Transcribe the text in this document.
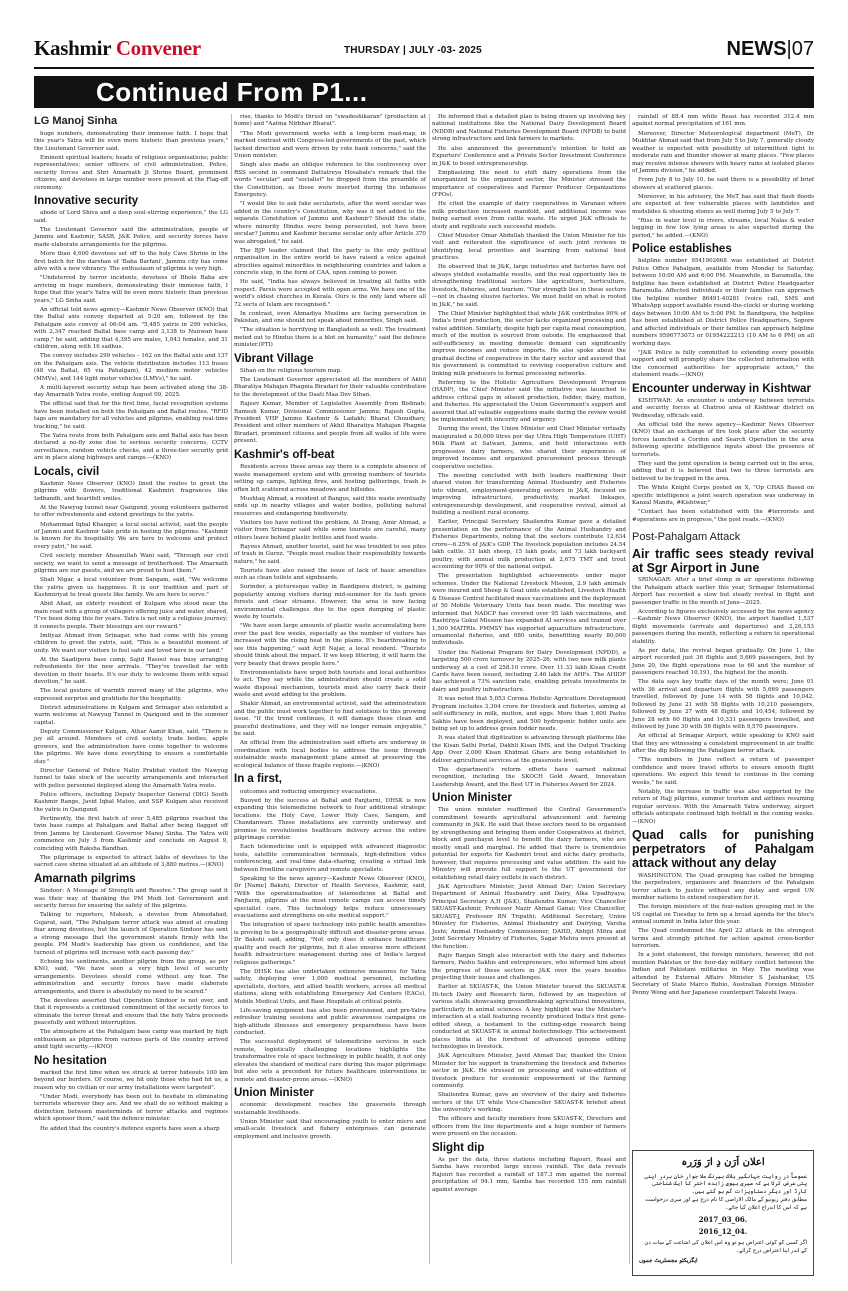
Kashmir Convener	THURSDAY | JULY -03- 2025	NEWS|07
Continued From P1...
LG Manoj Sinha

huge numbers, demonstrating their immense faith. I hope that this year's Yatra will be even more historic than previous years," the Lieutenant Governor said.

Eminent spiritual leaders; heads of religious organisations; public representatives; senior officers of civil administration, Police, security forces and Shri Amarnath Ji Shrine Board, prominent citizens, and devotees in large number were present at the Flag-off ceremony.

Innovative security

abode of Lord Shiva and a deep soul-stirring experience," the LG said.

The Lieutenant Governor said the administration, people of Jammu and Kashmir, SASB, J&K Police, and security forces have made elaborate arrangements for the pilgrims.

More than 4,600 devotees set off to the holy Cave Shrine in the first batch for the darshan of 'Baba Barfani', Jammu city has come alive with a new vibrancy. The enthusiasm of pilgrims is very high.

"Undeterred by terror incidents, devotees of Bhole Baba are arriving in huge numbers, demonstrating their immense faith, I hope that this year's Yatra will be even more historic than previous years," LG Sinha said.

An official told news agency—Kashmir News Observer (KNO) that the Baltal axis convoy departed at 5:20 am, followed by the Pahalgam axis convoy at 06:04 am. "5,485 yatris in 299 vehicles, with 2,347 reached Baltal base camp and 3,138 to Nunwan base camp," he said, adding that 4,395 are males, 1,043 females, and 31 children, along with 16 sadhus.

The convoy includes 299 vehicles – 162 on the Baltal axis and 137 on the Pahalgam axis. The vehicle distribution includes 113 buses (48 via Baltal, 65 via Pahalgam), 42 medium motor vehicles (MMVs), and 144 light motor vehicles (LMVs)," he said.

A multi-layered security setup has been activated along the 38-day Amarnath Yatra route, ending August 09, 2025.

The official said that for the first time, facial recognition systems have been installed on both the Pahalgam and Baltal routes. "RFID tags are mandatory for all vehicles and pilgrims, enabling real-time tracking," he said.

The Yatra route from both Pahalgam axis and Baltal axis has been declared a no-fly zone due to serious security concerns, CCTV surveillance, random vehicle checks, and a three-tier security grid are in place along highways and camps.—(KNO)

Locals, civil

Kashmir News Observer (KNO) lined the routes to greet the pilgrims with flowers, traditional Kashmiri fragrances like Izdbandh, and heartfelt smiles.

At the Nawyug tunnel near Qazigund, young volunteers gathered to offer refreshments and extend greetings to the yatris.

Mohammad Iqbal Khanger, a local social activist, said the people of Jammu and Kashmir take pride in hosting the pilgrims. "Kashmir is known for its hospitality. We are here to welcome and protect every yatri," he said.

Civil society member Ahsanullah Wani said, "Through our civil society, we want to send a message of brotherhood. The Amarnath pilgrims are our guests, and we are proud to host them."

Shah Nigar, a local volunteer from Sangam, said, "We welcome the yatris given us happiness. It is our tradition and part of Kashmiriyat to treat guests like family. We are here to serve."

Abid Ahad, an elderly resident of Kulgam who stood near the main road with a group of villagers offering juice and water, shared, "I've been doing this for years. Yatra is not only a religious journey; it connects people. Their blessings are our reward."

Imtiyaz Ahmad from Srinagar, who had come with his young children to greet the yatris, said, "This is a beautiful moment of unity. We want our visitors to feel safe and loved here in our land."

At the Saadipora base camp, Sajid Rasool was busy arranging refreshments for the new arrivals. "They've travelled far with devotion in their hearts. It's our duty to welcome them with equal devotion," he said.

The local gesture of warmth moved many of the pilgrims, who expressed surprise and gratitude for the hospitality.

District administrations in Kulgam and Srinagar also extended a warm welcome at Nawyug Tunnel in Qazigund and in the summer capital.

Deputy Commissioner Kulgam, Athar Aamir Khan, said, "There is joy all around. Members of civil society, trade bodies, apple growers, and the administration have come together to welcome the pilgrims. We have done everything to ensure a comfortable stay."

Director General of Police Nalin Prabhat visited the Nawyug tunnel to take stock of the security arrangements and interacted with police personnel deployed along the Amarnath Yatra route.

Police officers, including Deputy Inspector General (DIG) South Kashmir Range, Javid Iqbal Matoo, and SSP Kulgam also received the yatris in Qazigund.

Pertinently, the first batch of over 5,485 pilgrims reached the twin base camps at Pahalgam and Baltal after being flagged off from Jammu by Lieutenant Governor Manoj Sinha. The Yatra will commence on July 3 from Kashmir and conclude on August 9, coinciding with Raksha Bandhan.

The pilgrimage is expected to attract lakhs of devotees to the sacred cave shrine situated at an altitude of 3,880 metres.—(KNO)

Amarnath pilgrims

Sindoor: A Message of Strength and Resolve." The group said it was their way of thanking the PM Modi led Government and security forces for ensuring the safety of the pilgrims.

Talking to reporters, Mukesh, a devotee from Ahmedabad, Gujarat, said, "The Pahalgam terror attack was aimed at creating fear among devotees, but the launch of Operation Sindoor has sent a strong message that the government stands firmly with the people. PM Modi's leadership has given us confidence, and the turnout of pilgrims will increase with each passing day."

Echoing his sentiments, another pilgrim from the group, as per KNO, said, "We have seen a very high level of security arrangements. Devotees should come without any fear. The administration and security forces have made elaborate arrangements, and there is absolutely no need to be scared."

The devotees asserted that Operation Sindoor is not over, and that it represents a continued commitment of the security forces to eliminate the terror threat and ensure that the holy Yatra proceeds peacefully and without interruption.

The atmosphere at the Pahalgam base camp was marked by high enthusiasm as pilgrims from various parts of the country arrived amid tight security.—(KNO)

No hesitation

marked the first time when we struck at terror hideouts 100 km beyond our borders. Of course, we hit only those who had hit us, a reason why no civilian or our army installations were targeted".

"Under Modi, everybody has been out to hesitate in eliminating terrorists wherever they are. And we shall do so without making a distinction between masterminds of terror attacks and regimes which sponsor them," said the defence minister.

He added that the country's defence exports have seen a sharp

rise, thanks to Modi's thrust on "swadeshikaran" (production at home) and "Aatma Nirbhar Bharat".

"The Modi government works with a long-term road-map, in marked contrast with Congress-led governments of the past, which lacked direction and were driven by vote bank concerns," said the Union minister.

Singh also made an oblique reference to the controversy over RSS second in command Dattatreya Hosabale's remark that the words "secular" and "socialist" be dropped from the preamble of the Constitution, as those were inserted during the infamous Emergency.

"I would like to ask fake secularists, after the word secular was added in the country's Constitution, why was it not added to the separate Constitution of Jammu and Kashmir? Should the state, where minority Hindus were being persecuted, not have been secular? Jammu and Kashmir became secular only after Article 370 was abrogated," he said.

The BJP leader claimed that the party is the only political organisation in the entire world to have raised a voice against atrocities against minorities in neighbouring countries and taken a concrete step, in the form of CAA, upon coming to power.

He said, "India has always believed in treating all faiths with respect. Parsis were accepted with open arms. We have one of the world's oldest churches in Kerala. Ours is the only land where all 72 sects of Islam are recognised."

In contrast, even Ahmadiya Muslims are facing persecution in Pakistan, and one should not speak about minorities, Singh said.

"The situation is horrifying in Bangladesh as well. The treatment meted out to Hindus there is a blot on humanity," said the defence minister.(PTI)

Vibrant Village

Sihan on the religious tourism map.

The Lieutenant Governor appreciated all the members of Akhil Bharatiya Mahajan Phagnia Biradari for their valuable contribution to the development of the Daati Maa Dev Sthan.

Rajeev Kumar, Member of Legislative Assembly from Bishnah; Ramesh Kumar, Divisional Commissioner Jammu; Rajesh Gupta, President VHP Jammu Kashmir & Ladakh; Bharat Choudhary, President and other members of Akhil Bharatiya Mahajan Phagnia Biradari, prominent citizens and people from all walks of life were present.

Kashmir's off-beat

Residents across these areas say there is a complete absence of waste management system and with growing numbers of tourists setting up camps, lighting fires, and hosting gatherings, trash is often left scattered across meadows and hillsides.

Mushtaq Ahmad, a resident of Bangus, said this waste eventually ends up in nearby villages and water bodies, polluting natural resources and endangering biodiversity.

Visitors too have noticed the problem. At Drang, Amir Ahmad, a visitor from Srinagar said while some tourists are careful, many others leave behind plastic bottles and food waste.

Rayees Ahmad, another tourist, said he was troubled to see piles of trash in Gurez. "People must realise their responsibility towards nature," he said.

Tourists have also raised the issue of lack of basic amenities such as clean toilets and signboards.

Surinder, a picturesque valley in Bandipora district, is gaining popularity among visitors during mid-summer for its lush green forests and clear streams. However, the area is now facing environmental challenges due to the open dumping of plastic waste by tourists.

"We have seen large amounts of plastic waste accumulating here over the past few weeks, especially as the number of visitors has increased with the rising heat in the plains. It's heartbreaking to see this happening," said Arjit Najar, a local resident. "Tourists should think about the impact. If we keep littering, it will harm the very beauty that draws people here."

Environmentalists have urged both tourists and local authorities to act. They say while the administration should create a solid waste disposal mechanism, tourists must also carry back their waste and avoid adding to the problem.

Shakir Ahmad, an environmental activist, said the administration and the public must work together to find solutions to this growing issue. "If the trend continues, it will damage these clean and peaceful destinations, and they will no longer remain enjoyable," he said.

An official from the administration said efforts are underway in coordination with local bodies to address the issue through sustainable waste management plans aimed at preserving the ecological balance of these fragile regions.—(KNO)

In a first,

outcomes and reducing emergency evacuations.

Buoyed by the success at Baltal and Panjtarni, DHSK is now expanding this telemedicine network to four additional strategic locations: the Holy Cave, Lower Holy Cave, Sangam, and Chandanwari. These installations are currently underway and promise to revolutionise healthcare delivery across the entire pilgrimage corridor.

Each telemedicine unit is equipped with advanced diagnostic tools, satellite communication terminals, high-definition video conferencing, and real-time data-sharing, creating a virtual link between frontline caregivers and remote specialists.

Speaking to the news agency—Kashmir News Observer (KNO), Dr [Name] Bakshi, Director of Health Services, Kashmir, said, "With the operationalisation of telemedicine at Baltal and Panjtarni, pilgrims at the most remote camps can access timely specialist care, This technology helps reduce unnecessary evacuations and strengthens on-site medical support."

The integration of space technology into public health amenities is proving to be a geographically difficult and disaster-prone areas. Dr Bakshi said, adding, "Not only does it enhance healthcare quality and reach for pilgrims, but it also ensures more efficient health infrastructure management during one of India's largest religious gatherings."

The DHSK has also undertaken extensive measures for Yatra safety, deploying over 1,000 medical personnel, including specialists, doctors, and allied health workers, across all medical stations, along with establishing Emergency Aid Centers (EACs), Mobile Medical Units, and Base Hospitals at critical points.

Life-saving equipment has also been provisioned, and pre-Yatra refresher training sessions and public awareness campaigns on high-altitude illnesses and emergency preparedness have been conducted.

The successful deployment of telemedicine services in such remote, logistically challenging locations highlights the transformative role of space technology in public health, it not only elevates the standard of medical care during this major pilgrimage but also sets a precedent for future healthcare interventions in remote and disaster-prone areas.—(KNO)

Union Minister

economic development reaches the grassroots through sustainable livelihoods.

Union Minister said that encouraging youth to enter micro and small-scale livestock and fishery enterprises can generate employment and inclusive growth.

He informed that a detailed plan is being drawn up involving key national institutions like the National Dairy Development Board (NDDB) and National Fisheries Development Board (NFDB) to build strong infrastructure and link farmers to markets.

He also announced the government's intention to hold an Exporters' Conference and a Private Sector Investment Conference in J&K to boost entrepreneurship.

Emphasizing the need to shift dairy operations from the unorganized to the organized sector, the Minister stressed the importance of cooperatives and Farmer Producer Organizations (FPOs).

He cited the example of dairy cooperatives in Varanasi where milk production increased manifold, and additional income was being earned even from cattle waste. He urged J&K officials to study and replicate such successful models.

Chief Minister Omar Abdullah thanked the Union Minister for his visit and reiterated the significance of such joint reviews in identifying local priorities and learning from national best practices.

He observed that in J&K, large industries and factories have not always yielded sustainable results, and the real opportunity lies in strengthening traditional sectors like agriculture, horticulture, livestock, fisheries, and tourism. "Our strength lies in these sectors—not in chasing elusive factories. We must build on what is rooted in J&K," he said.

The Chief Minister highlighted that while J&K contributes 90% of India's trout production, the sector lacks organized processing and value addition. Similarly, despite high per capita meat consumption, much of the mutton is sourced from outside. He emphasized that self-sufficiency in meeting domestic demand can significantly improve incomes and reduce imports. He also spoke about the gradual decline of cooperatives in the dairy sector and assured that his government is committed to reviving cooperative culture and linking milk producers to formal processing networks.

Referring to the Holistic Agriculture Development Program (HADP), the Chief Minister said the initiative was launched to address critical gaps in oilseed production, fodder, dairy, mutton, and fisheries. He appreciated the Union Government's support and assured that all valuable suggestions made during the review would be implemented with sincerity and urgency.

During the event, the Union Minister and Chief Minister virtually inaugurated a 50,000 litres per day Ultra High Temperature (UHT) Milk Plant at Satwari, Jammu, and held interactions with progressive dairy farmers, who shared their experiences of improved incomes and organized procurement process through cooperative societies.

The meeting concluded with both leaders reaffirming their shared vision for transforming Animal Husbandry and Fisheries into vibrant, employment-generating sectors in J&K, focused on improving infrastructure, productivity, market linkages, entrepreneurship development, and cooperative revival, aimed at building a resilient rural economy.

Earlier, Principal Secretary Shailendra Kumar gave a detailed presentation on the performance of the Animal Husbandry and Fisheries Departments, noting that the sectors contribute 12,634 crore—6.25% of J&K's GDP. The livestock population includes 24.54 lakh cattle, 31 lakh sheep, 15 lakh goats, and 73 lakh backyard poultry, with annual milk production at 2,675 TMT and trout accounting for 90% of the national output.

The presentation highlighted achievements under major schemes. Under the National Livestock Mission, 2.9 lakh animals were insured and Sheep & Goat units established, Livestock Health & Disease Control facilitated mass vaccinations and the deployment of 50 Mobile Veterinary Units has been made. The meeting was informed that NADCP has covered over 95 lakh vaccinations, and Rashtriya Gokul Mission has expanded AI services and trained over 1,500 MAITRIs. PMMSY has supported aquaculture infrastructure, ornamental fisheries, and 680 units, benefitting nearly 80,000 individuals.

Under the National Program for Dairy Development (NPDD), a targeting 500 crore turnover by 2025–26, with two new milk plants underway at a cost of 258.10 crore. Over 11.33 lakh Kisan Credit Cards have been issued, including 2.46 lakh for AHFs. The AHIDF has achieved a 73% sanction rate, enabling private investments in dairy and poultry infrastructure.

It was noted that 5,053 Corona Holistic Agriculture Development Program includes 3,304 crore for livestock and fisheries, aiming at self-sufficiency in milk, mutton, and eggs. More than 1,600 Pashu Sakhis have been deployed, and 500 hydroponic fodder units are being set up to address green fodder needs.

It was stated that digitization is advancing through platforms like the Kisan Sathi Portal, Dakhli Kisan IMS, and the Output Tracking App. Over 2,000 Kisan Khidmat Ghars are being established to deliver agricultural services at the grassroots level.

The department's reform efforts have earned national recognition, including the SKOCH Gold Award, Innovation Leadership Award, and the Best UT in Fisheries Award for 2024.

Union Minister

The union minister reaffirmed the Central Government's commitment towards agricultural advancement and farming community in J&K. He said that these sectors need to be organised by strengthening and bringing them under Cooperatives at district, block and panchayat level to benefit the dairy farmers, who are mostly small and marginal. He added that there is tremendous potential for exports for Kashmiri trout and niche dairy products, however, that requires processing and value addition. He said his Ministry will provide full support to the UT government for establishing retail dairy outlets in each district.

J&K Agriculture Minister, Javid Ahmad Dar; Union Secretary Department of Animal Husbandry and Dairy, Alka Upadhyaya; Principal Secretary A,H (J&K), Shailendra Kumar; Vice Chancellor SKUAST-Kashmir, Professor Nazir Ahmad Ganai; Vice Chancellor, SKUAST-J, Professor BN Tripathi; Additional Secretary, Union Ministry for Fisheries, Animal Husbandry and Dairying, Varsha Joshi; Animal Husbandry Commissioner, DAHD, Abhijit Mitra and Joint Secretary Ministry of Fisheries, Sagar Mehra were present at the function.

Rajiv Ranjan Singh also interacted with the dairy and fisheries farmers, Pashu Sakhis and entrepreneurs, who informed him about the progress of these sectors in J&K over the years besides projecting their issues and challenges.

Earlier at SKUAST-K, the Union Minister toured the SKUAST-K Hi-tech Dairy and Research farm, followed by an inspection of various stalls showcasing groundbreaking agricultural innovations, particularly in animal sciences. A key highlight was the Minister's interaction at a stall featuring recently produced India's first gene-edited sheep, a testament to the cutting-edge research being conducted at SKUAST-K in animal biotechnology. This achievement places India at the forefront of advanced genome editing technologies in livestock.

J&K Agriculture Minister, Javid Ahmad Dar, thanked the Union Minister for his support in transforming the livestock and fisheries sector in J&K. He stressed on processing and value-addition of livestock produce for economic empowerment of the farming community.

Shailendra Kumar, gave an overview of the dairy and fisheries sectors of the UT while Vice-Chancellor SKUAST-K briefed about the university's working.

The officers and faculty members from SKUAST-K, Directors and officers from the line departments and a huge number of farmers were present on the occasion.

Slight dip

As per the data, three stations including Rajouri, Reasi and Samba have recorded large excess rainfall. The data reveals Rajouri has recorded a rainfall of 187.3 mm against the normal precipitation of 94.1 mm, Samba has recorded 155 mm rainfall against average

rainfall of 88.4 mm while Reasi has recorded 312.4 mm against normal precipitation of 161 mm.

Moreover, Director Meteorological department (MeT), Dr Mukhtar Ahmad said that from July 5 to July 7, generally cloudy weather is expected with possibility of intermittent light to moderate rain and thunder shower at many places. "Few places may receive intense showers with heavy rains at isolated places of Jammu division," he added.

From July 8 to July 10, he said there is a possibility of brief showers at scattered places.

Moreover, in his advisory, the MeT has said that flash floods are expected at few vulnerable places with landslides and mudslides & shooting stones as well during July 5 to July 7.

"Rise in water level in rivers, streams, local Nalas & water logging in few low lying areas is also expected during the period," he added.—(KNO)

Police establishes

helpline number 9541902668 was established at District Police Office Pahalgam, available from Monday to Saturday, between 10:00 AM and 6:00 PM. Meanwhile, in Baramulla, the helpline has been established at District Police Headquarter Baramulla. Affected individuals or their families can approach the helpline number 86491-40281 (voice call, SMS and WhatsApp support available round-the-clock) or during working days between 10:00 AM to 5:00 PM. In Bandipora, the helpline has been established at District Police Headquarters, Sopore and affected individuals or their families can approach helpline numbers 9596773073 or 01954222213 (10 AM to 6 PM) on all working days.

"J&K Police is fully committed to extending every possible support and will promptly share the collected information with the concerned authorities for appropriate action," the statement reads.—(KNO)

Encounter underway in Kishtwar

KISHTWAR: An encounter is underway between terrorists and security forces at Chatroo area of Kishtwar district on Wednesday, officials said.

An official told the news agency—Kashmir News Observer (KNO) that an exchange of fire took place after the security forces launched a Cordon and Search Operation in the area following specific intelligence inputs about the presence of terrorists.

They said the joint operation is being carried out in the area, adding that it is believed that two to three terrorists are believed to be trapped in the area.

The White Knight Corps posted on X, "Op CHAS Based on specific intelligence a joint search operation was underway in Kanzal Mandu, #Kishtwar,"

"Contact has been established with the #terrorists and #operations are in progress," the post reads.—(KNO)

Post-Pahalgam Attack
Air traffic sees steady revival at Sgr Airport in June

SRINAGAR: After a brief slump in air operations following the Pahalgam attack earlier this year, Srinagar International Airport has recorded a slow but steady revival in flight and passenger traffic in the month of June—2025.

According to figures exclusively accessed by the news agency—Kashmir News Observer (KNO), the airport handled 1,537 flight movements (arrivals and departures) and 2,26,153 passengers during the month, reflecting a return to operational stability.

As per data, the revival began gradually. On June 1, the airport recorded just 36 flights and 5,669 passengers, but by June 20, the flight operations rose to 60 and the number of passengers reached 10,191, the highest for the month.

The data says key traffic days of the month were; June 01 with 36 arrival and departure flights with 5,669 passengers travelled, followed by June 14 with 58 flights and 10,042, followed by June 21 with 58 flights with 10,210 passengers, followed by June 27 with 48 flights and 10,454, followed by June 28 with 60 flights and 10,331 passengers travelled, and followed by June 30 with 56 flights with 9,570 passengers.

An official at Srinagar Airport, while speaking to KNO said that they are witnessing a consistent improvement in air traffic after the dip following the Pahalgam terror attack.

"The numbers in June reflect a return of passenger confidence and more travel efforts to ensure smooth flight operations. We expect this trend to continue in the coming weeks," he said.

Notably, the increase in traffic was also supported by the return of Hajj pilgrims, summer tourism and airlines resuming regular services. With the Amarnath Yatra underway, airport officials anticipate continued high footfall in the coming weeks.—(KNO)

Quad calls for punishing perpetrators of Pahalgam attack without any delay

WASHINGTON: The Quad grouping has called for bringing the perpetrators, organisers and financiers of the Pahalgam terror attack to justice without any delay and urged UN member nations to extend cooperation for it.

The foreign ministers of the four-nation grouping met in the US capital on Tuesday to firm up a broad agenda for the bloc's annual summit in India later this year.

The Quad condemned the April 22 attack in the strongest terms and strongly pitched for action against cross-border terrorism.

In a joint statement, the foreign ministers, however, did not mention Pakistan or the four-day military conflict between the Indian and Pakistani militaries in May. The meeting was attended by External Affairs Minister S Jaishankar, US Secretary of State Marco Rubio, Australian Foreign Minister Penny Wong and her Japanese counterpart Takeshi Iwaya.

اعلان اَرَن دِ ارَ وَرَرہ
عموماً در روایت جہانگیر بلاک ہیرنگ ملا جوار خان بردر اپنی پتی عرض کرتا ہے کہ میری بیوی زاہدہ اختر کا ایک شناختی کارڈ اور دیگر دستاویزات گم ہو گئے ہیں۔
مطابق دفتر ریونیو کے مالک الاراضی کا نام درج ہے اور میری درخواست ہے کہ اس کا اندراج اعلان کیا جائے۔
2017_03_06.
2016_12_04.
اگر کسی کو کوئی اعتراض ہو تو وہ اس اعلان کی اشاعت کے سات دن کے اندر اپنا اعتراض درج کرائے۔
ایگزیکٹو مجسٹریٹ جموں
